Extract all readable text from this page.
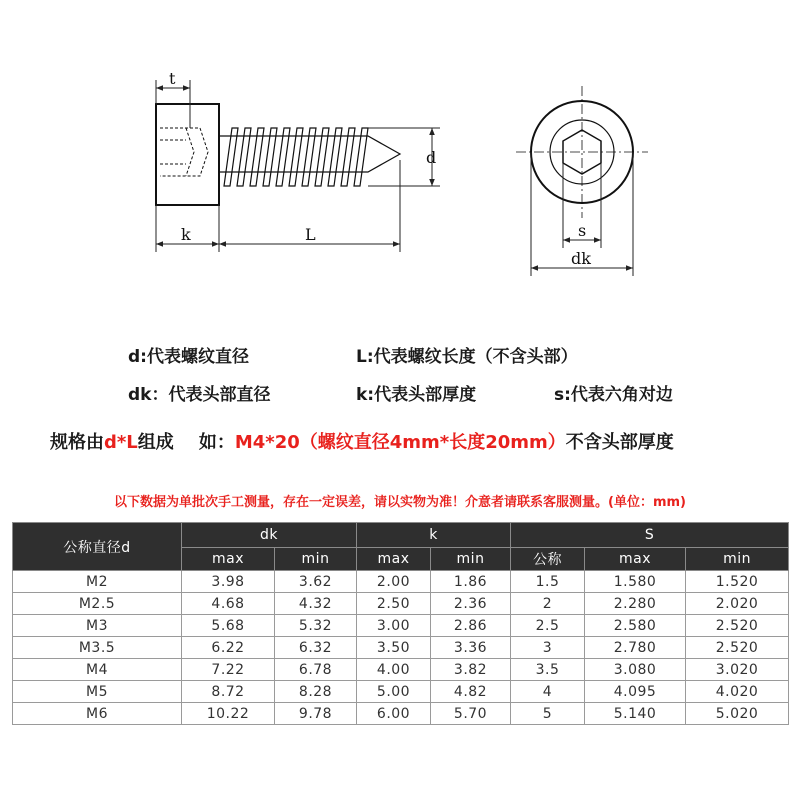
t
d
k	L	s
dk
d:代表螺纹直径	L:代表螺纹长度（不含头部）
dk：代表头部直径	k:代表头部厚度	s:代表六角对边
规格由d*L组成    如：M4*20（螺纹直径4mm*长度20mm）不含头部厚度
以下数据为单批次手工测量，存在一定误差，请以实物为准！介意者请联系客服测量。(单位：mm)
公称直径d	dk		k		S		
	max	min	max	min	公称	max	min
M2	3.98	3.62	2.00	1.86	1.5	1.580	1.520
M2.5	4.68	4.32	2.50	2.36	2	2.280	2.020
M3	5.68	5.32	3.00	2.86	2.5	2.580	2.520
M3.5	6.22	6.32	3.50	3.36	3	2.780	2.520
M4	7.22	6.78	4.00	3.82	3.5	3.080	3.020
M5	8.72	8.28	5.00	4.82	4	4.095	4.020
M6	10.22	9.78	6.00	5.70	5	5.140	5.020
